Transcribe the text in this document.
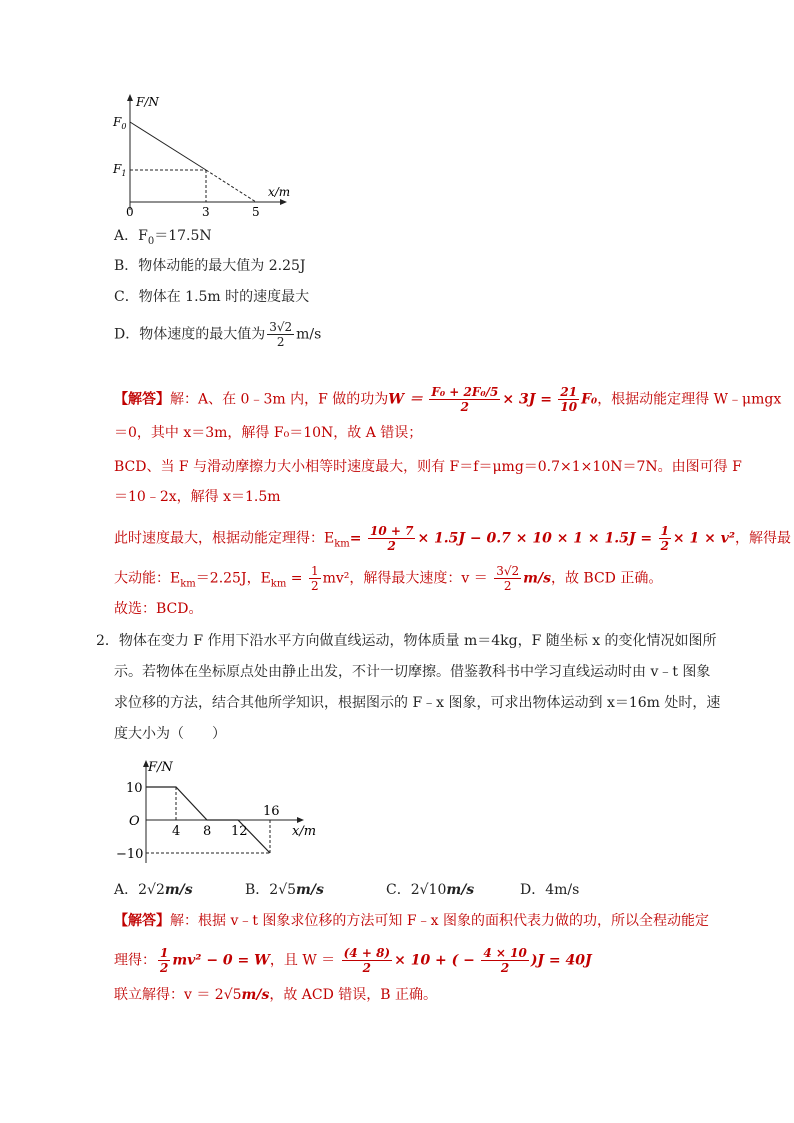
F/N
$F_0$
$F_1$
x/m
0	3	5
A．$F_0=17.5N$
B．物体动能的最大值为 2.25J
C．物体在 1.5m 时的速度最大
D．物体速度的最大值为 $\frac{3√2}{2} m/s$
【解答】解：A、在 0﹣3m 内，F 做的功为$W = \frac{\text{F₀ + 2F₀/5}}{2} \times 3J = \frac{21}{10} F_0$，根据动能定理得 W﹣μmgx
＝0，其中 x＝3m，解得 F₀＝10N，故 A 错误；
BCD、当 F 与滑动摩擦力大小相等时速度最大，则有 F＝f＝μmg＝0.7×1×10N＝7N。由图可得 F
＝10﹣2x，解得 x＝1.5m
此时速度最大，根据动能定理得：$E_{km}= \frac{10 + 7}{2} \times 1.5J - 0.7 \times 10 \times 1 \times 1.5J = \frac{1}{2} \times 1 \times v^2$，解得最
大动能：$E_{km}=2.25J$，$E_{km} = \frac{1}{2} mv^2$，解得最大速度：$v = \frac{3√2}{2} m/s$，故 BCD 正确。
故选：BCD。
2．物体在变力 F 作用下沿水平方向做直线运动，物体质量 m＝4kg，F 随坐标 x 的变化情况如图所
示。若物体在坐标原点处由静止出发，不计一切摩擦。借鉴教科书中学习直线运动时由 v﹣t 图象
求位移的方法，结合其他所学知识，根据图示的 F﹣x 图象，可求出物体运动到 x＝16m 处时，速
度大小为（　　）
F/N
10
O
−10
4 8 12
16
x/m
A．2√2m/s	B．2√5m/s	C．2√10m/s	D．4m/s
【解答】解：根据 v﹣t 图象求位移的方法可知 F﹣x 图象的面积代表力做的功，所以全程动能定
理得： $\frac{1}{2} mv^2 - 0 = W$，且 $W = \frac{(4 + 8)}{2} \times 10$ + ( − $\frac{4 \times 10}{2} )J = 40J$
联立解得：v ＝ 2√5m/s，故 ACD 错误，B 正确。
